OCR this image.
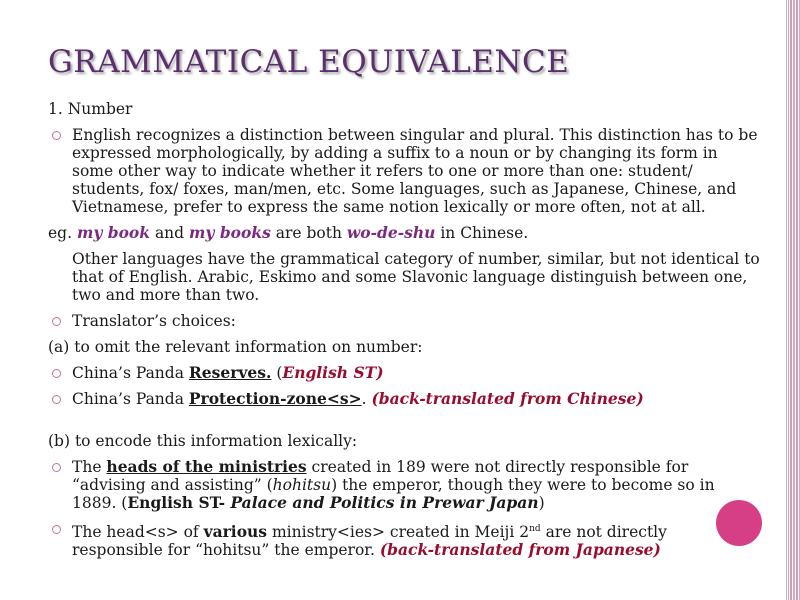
GRAMMATICAL EQUIVALENCE

1. Number

English recognizes a distinction between singular and plural. This distinction has to be expressed morphologically, by adding a suffix to a noun or by changing its form in some other way to indicate whether it refers to one or more than one: student/ students, fox/ foxes, man/men, etc. Some languages, such as Japanese, Chinese, and Vietnamese, prefer to express the same notion lexically or more often, not at all.

eg. my book and my books are both wo-de-shu in Chinese.

Other languages have the grammatical category of number, similar, but not identical to that of English. Arabic, Eskimo and some Slavonic language distinguish between one, two and more than two.

Translator’s choices:

(a) to omit the relevant information on number:

China’s Panda Reserves. (English ST)

China’s Panda Protection-zone<s>. (back-translated from Chinese)

(b) to encode this information lexically:

The heads of the ministries created in 189 were not directly responsible for “advising and assisting” (hohitsu) the emperor, though they were to become so in 1889. (English ST- Palace and Politics in Prewar Japan)

The head<s> of various ministry<ies> created in Meiji 2nd are not directly responsible for “hohitsu” the emperor. (back-translated from Japanese)
